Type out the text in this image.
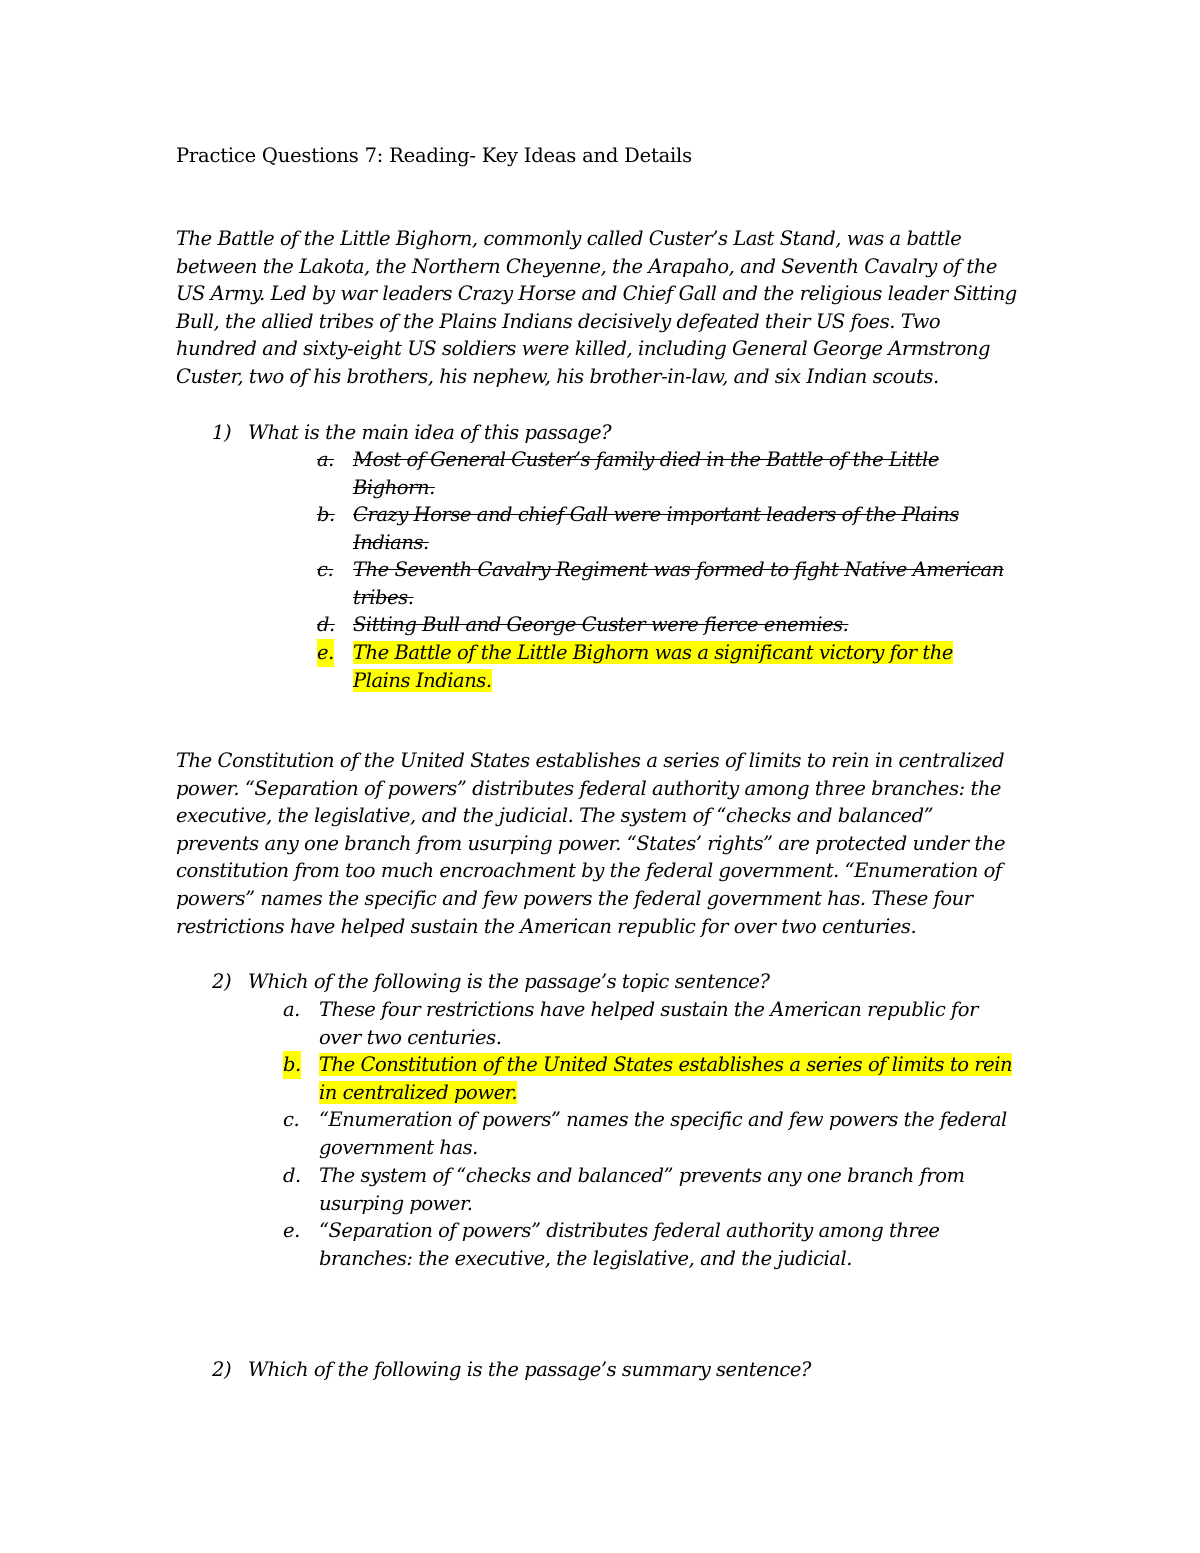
Practice Questions 7: Reading- Key Ideas and Details
The Battle of the Little Bighorn, commonly called Custer’s Last Stand, was a battle
between the Lakota, the Northern Cheyenne, the Arapaho, and Seventh Cavalry of the
US Army. Led by war leaders Crazy Horse and Chief Gall and the religious leader Sitting
Bull, the allied tribes of the Plains Indians decisively defeated their US foes. Two
hundred and sixty-eight US soldiers were killed, including General George Armstrong
Custer, two of his brothers, his nephew, his brother-in-law, and six Indian scouts.
1) What is the main idea of this passage?
a. Most of General Custer’s family died in the Battle of the Little
Bighorn.
b. Crazy Horse and chief Gall were important leaders of the Plains
Indians.
c. The Seventh Cavalry Regiment was formed to fight Native American
tribes.
d. Sitting Bull and George Custer were fierce enemies.
e. The Battle of the Little Bighorn was a significant victory for the
Plains Indians.
The Constitution of the United States establishes a series of limits to rein in centralized
power. “Separation of powers” distributes federal authority among three branches: the
executive, the legislative, and the judicial. The system of “checks and balanced”
prevents any one branch from usurping power. “States’ rights” are protected under the
constitution from too much encroachment by the federal government. “Enumeration of
powers” names the specific and few powers the federal government has. These four
restrictions have helped sustain the American republic for over two centuries.
2) Which of the following is the passage’s topic sentence?
a. These four restrictions have helped sustain the American republic for
over two centuries.
b. The Constitution of the United States establishes a series of limits to rein
in centralized power.
c. “Enumeration of powers” names the specific and few powers the federal
government has.
d. The system of “checks and balanced” prevents any one branch from
usurping power.
e. “Separation of powers” distributes federal authority among three
branches: the executive, the legislative, and the judicial.
2) Which of the following is the passage’s summary sentence?
